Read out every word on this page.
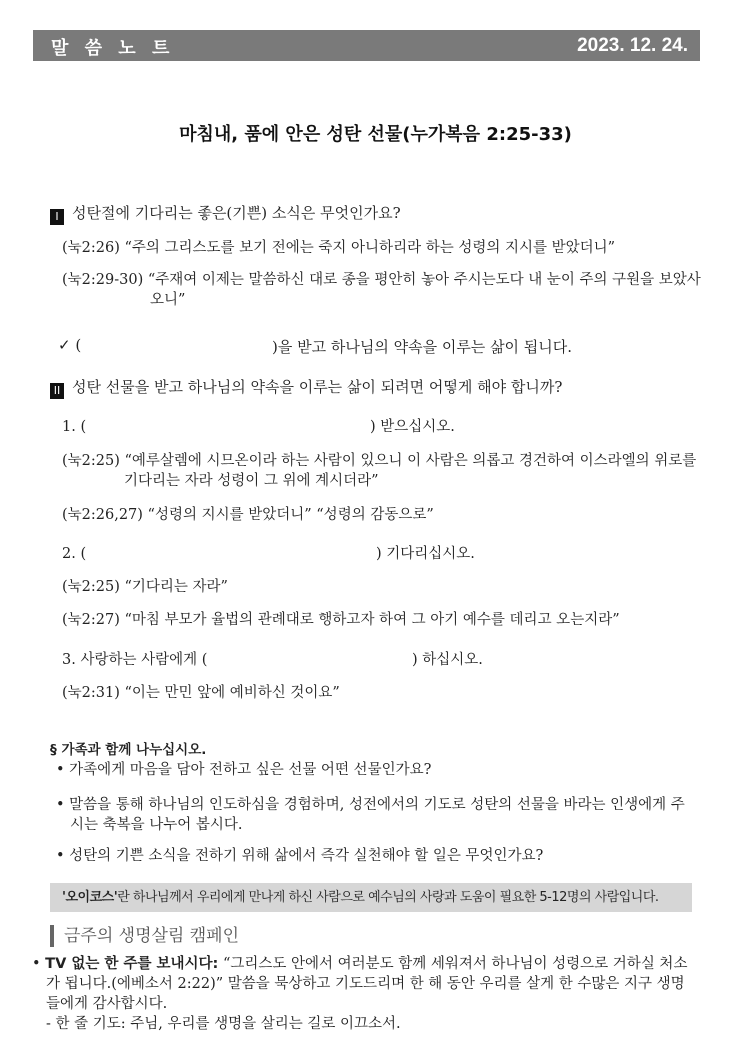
말 씀 노 트	2023. 12. 24.
마침내, 품에 안은 성탄 선물(누가복음 2:25-33)
I 성탄절에 기다리는 좋은(기쁜) 소식은 무엇인가요?
(눅2:26) “주의 그리스도를 보기 전에는 죽지 아니하리라 하는 성령의 지시를 받았더니”
(눅2:29-30) “주재여 이제는 말씀하신 대로 종을 평안히 놓아 주시는도다 내 눈이 주의 구원을 보았사
오니”
✓ (	)을 받고 하나님의 약속을 이루는 삶이 됩니다.
II 성탄 선물을 받고 하나님의 약속을 이루는 삶이 되려면 어떻게 해야 합니까?
1. (	) 받으십시오.
(눅2:25) “예루살렘에 시므온이라 하는 사람이 있으니 이 사람은 의롭고 경건하여 이스라엘의 위로를
기다리는 자라 성령이 그 위에 계시더라”
(눅2:26,27) “성령의 지시를 받았더니” “성령의 감동으로”
2. (	) 기다리십시오.
(눅2:25) “기다리는 자라”
(눅2:27) “마침 부모가 율법의 관례대로 행하고자 하여 그 아기 예수를 데리고 오는지라”
3. 사랑하는 사람에게 (	) 하십시오.
(눅2:31) “이는 만민 앞에 예비하신 것이요”
§ 가족과 함께 나누십시오.
• 가족에게 마음을 담아 전하고 싶은 선물 어떤 선물인가요?
• 말씀을 통해 하나님의 인도하심을 경험하며, 성전에서의 기도로 성탄의 선물을 바라는 인생에게 주시는 축복을 나누어 봅시다.
• 성탄의 기쁜 소식을 전하기 위해 삶에서 즉각 실천해야 할 일은 무엇인가요?
'오이코스'란 하나님께서 우리에게 만나게 하신 사람으로 예수님의 사랑과 도움이 필요한 5-12명의 사람입니다.
금주의 생명살림 캠페인
• TV 없는 한 주를 보내시다: “그리스도 안에서 여러분도 함께 세워져서 하나님이 성령으로 거하실 처소가 됩니다.(에베소서 2:22)” 말씀을 묵상하고 기도드리며 한 해 동안 우리를 살게 한 수많은 지구 생명들에게 감사합시다.
- 한 줄 기도: 주님, 우리를 생명을 살리는 길로 이끄소서.
